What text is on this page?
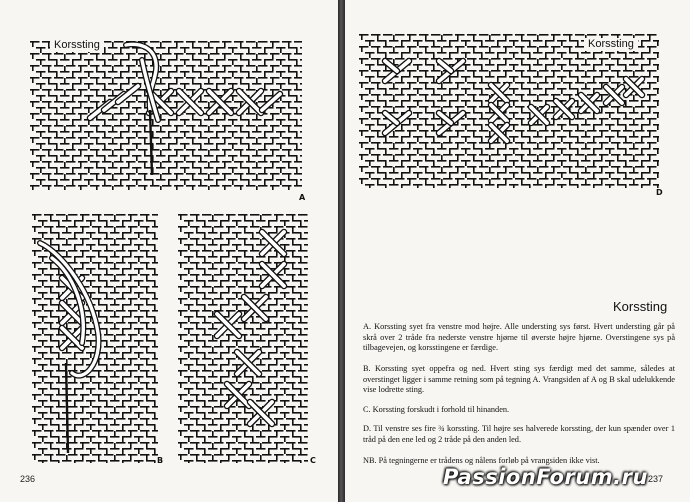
Korssting
A
B	C
236
Korssting
D
Korssting

A. Korssting syet fra venstre mod højre. Alle understing sys først. Hvert understing går på skrå over 2 tråde fra nederste venstre hjørne til øverste højre hjørne. Overstingene sys på tilbagevejen, og korsstingene er færdige.

B. Korssting syet oppefra og ned. Hvert sting sys færdigt med det samme, således at overstinget ligger i samme retning som på tegning A. Vrangsiden af A og B skal udelukkende vise lodrette sting.

C. Korssting forskudt i forhold til hinanden.

D. Til venstre ses fire ¾ korssting. Til højre ses halverede korssting, der kun spænder over 1 tråd på den ene led og 2 tråde på den anden led.

NB. På tegningerne er trådens og nålens forløb på vrangsiden ikke vist.

237
PassionForum.ru
